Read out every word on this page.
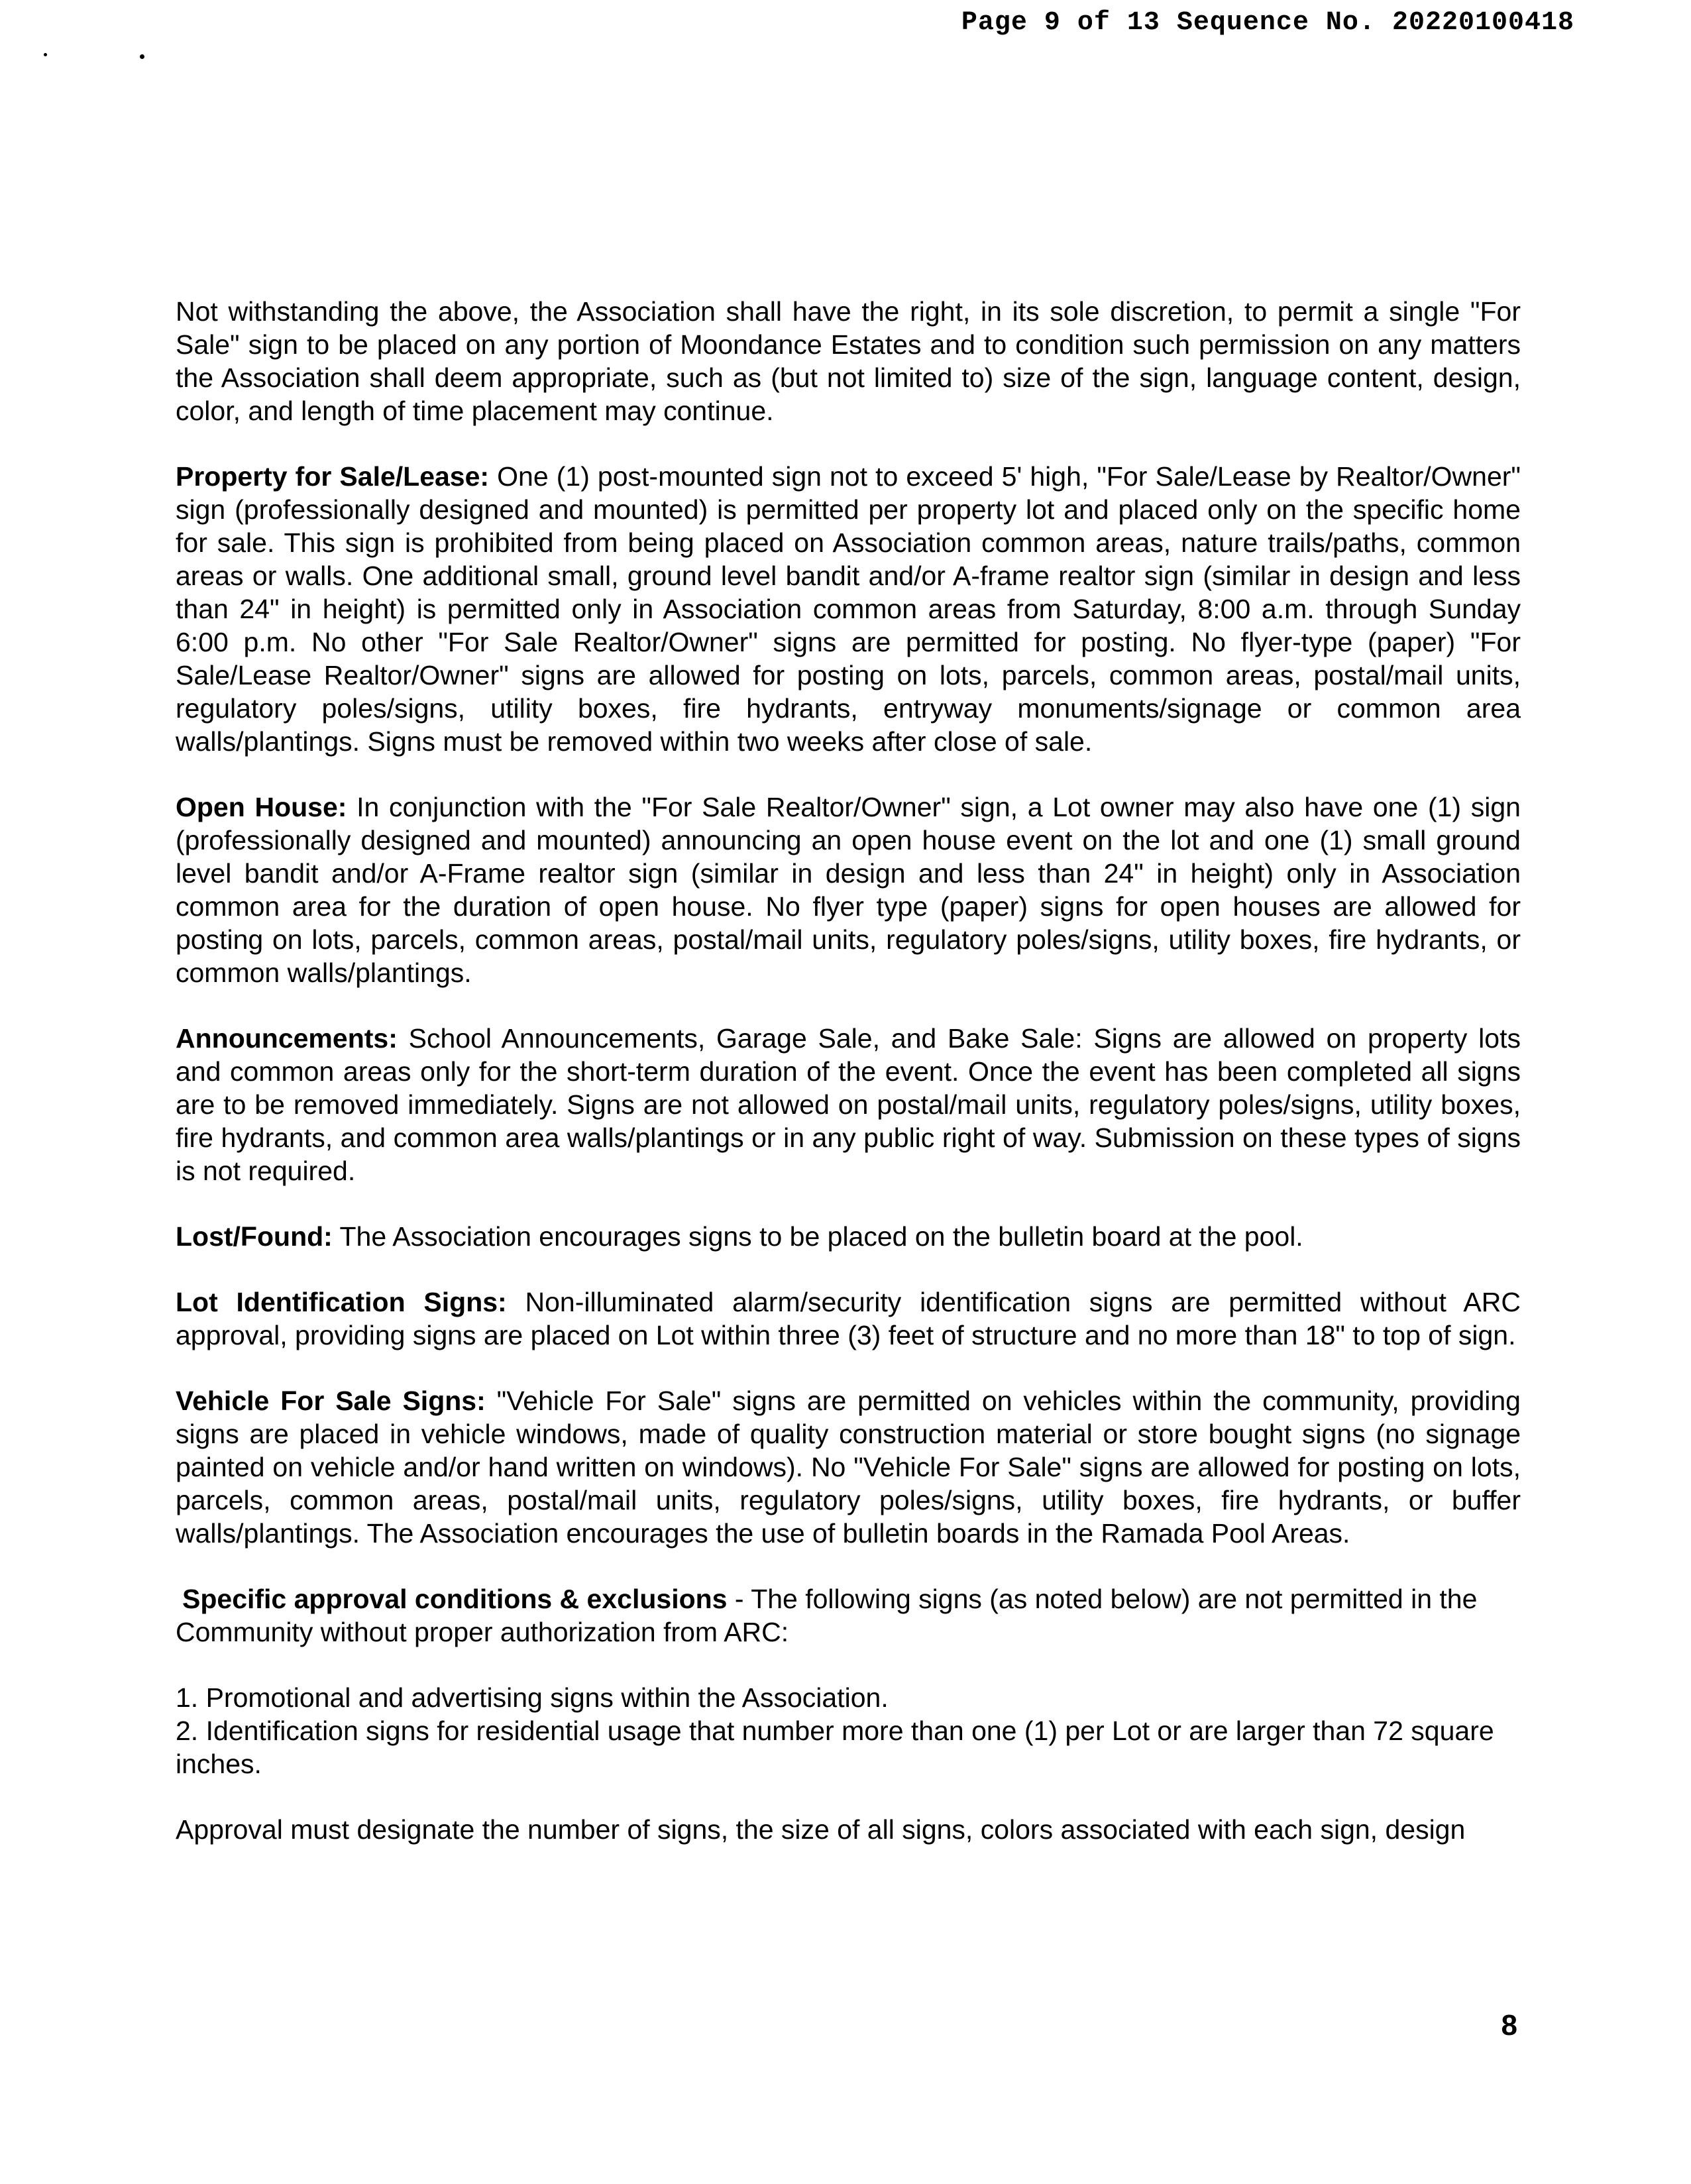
Page 9 of 13 Sequence No. 20220100418

Not withstanding the above, the Association shall have the right, in its sole discretion, to permit a single "For Sale" sign to be placed on any portion of Moondance Estates and to condition such permission on any matters the Association shall deem appropriate, such as (but not limited to) size of the sign, language content, design, color, and length of time placement may continue.

Property for Sale/Lease: One (1) post-mounted sign not to exceed 5' high, "For Sale/Lease by Realtor/Owner" sign (professionally designed and mounted) is permitted per property lot and placed only on the specific home for sale. This sign is prohibited from being placed on Association common areas, nature trails/paths, common areas or walls. One additional small, ground level bandit and/or A-frame realtor sign (similar in design and less than 24" in height) is permitted only in Association common areas from Saturday, 8:00 a.m. through Sunday 6:00 p.m. No other "For Sale Realtor/Owner" signs are permitted for posting. No flyer-type (paper) "For Sale/Lease Realtor/Owner" signs are allowed for posting on lots, parcels, common areas, postal/mail units, regulatory poles/signs, utility boxes, fire hydrants, entryway monuments/signage or common area walls/plantings. Signs must be removed within two weeks after close of sale.

Open House: In conjunction with the "For Sale Realtor/Owner" sign, a Lot owner may also have one (1) sign (professionally designed and mounted) announcing an open house event on the lot and one (1) small ground level bandit and/or A-Frame realtor sign (similar in design and less than 24" in height) only in Association common area for the duration of open house. No flyer type (paper) signs for open houses are allowed for posting on lots, parcels, common areas, postal/mail units, regulatory poles/signs, utility boxes, fire hydrants, or common walls/plantings.

Announcements: School Announcements, Garage Sale, and Bake Sale: Signs are allowed on property lots and common areas only for the short-term duration of the event. Once the event has been completed all signs are to be removed immediately. Signs are not allowed on postal/mail units, regulatory poles/signs, utility boxes, fire hydrants, and common area walls/plantings or in any public right of way. Submission on these types of signs is not required.

Lost/Found: The Association encourages signs to be placed on the bulletin board at the pool.

Lot Identification Signs: Non-illuminated alarm/security identification signs are permitted without ARC approval, providing signs are placed on Lot within three (3) feet of structure and no more than 18" to top of sign.

Vehicle For Sale Signs: "Vehicle For Sale" signs are permitted on vehicles within the community, providing signs are placed in vehicle windows, made of quality construction material or store bought signs (no signage painted on vehicle and/or hand written on windows). No "Vehicle For Sale" signs are allowed for posting on lots, parcels, common areas, postal/mail units, regulatory poles/signs, utility boxes, fire hydrants, or buffer walls/plantings. The Association encourages the use of bulletin boards in the Ramada Pool Areas.

Specific approval conditions & exclusions - The following signs (as noted below) are not permitted in the Community without proper authorization from ARC:

1. Promotional and advertising signs within the Association.
2. Identification signs for residential usage that number more than one (1) per Lot or are larger than 72 square inches.

Approval must designate the number of signs, the size of all signs, colors associated with each sign, design

8
